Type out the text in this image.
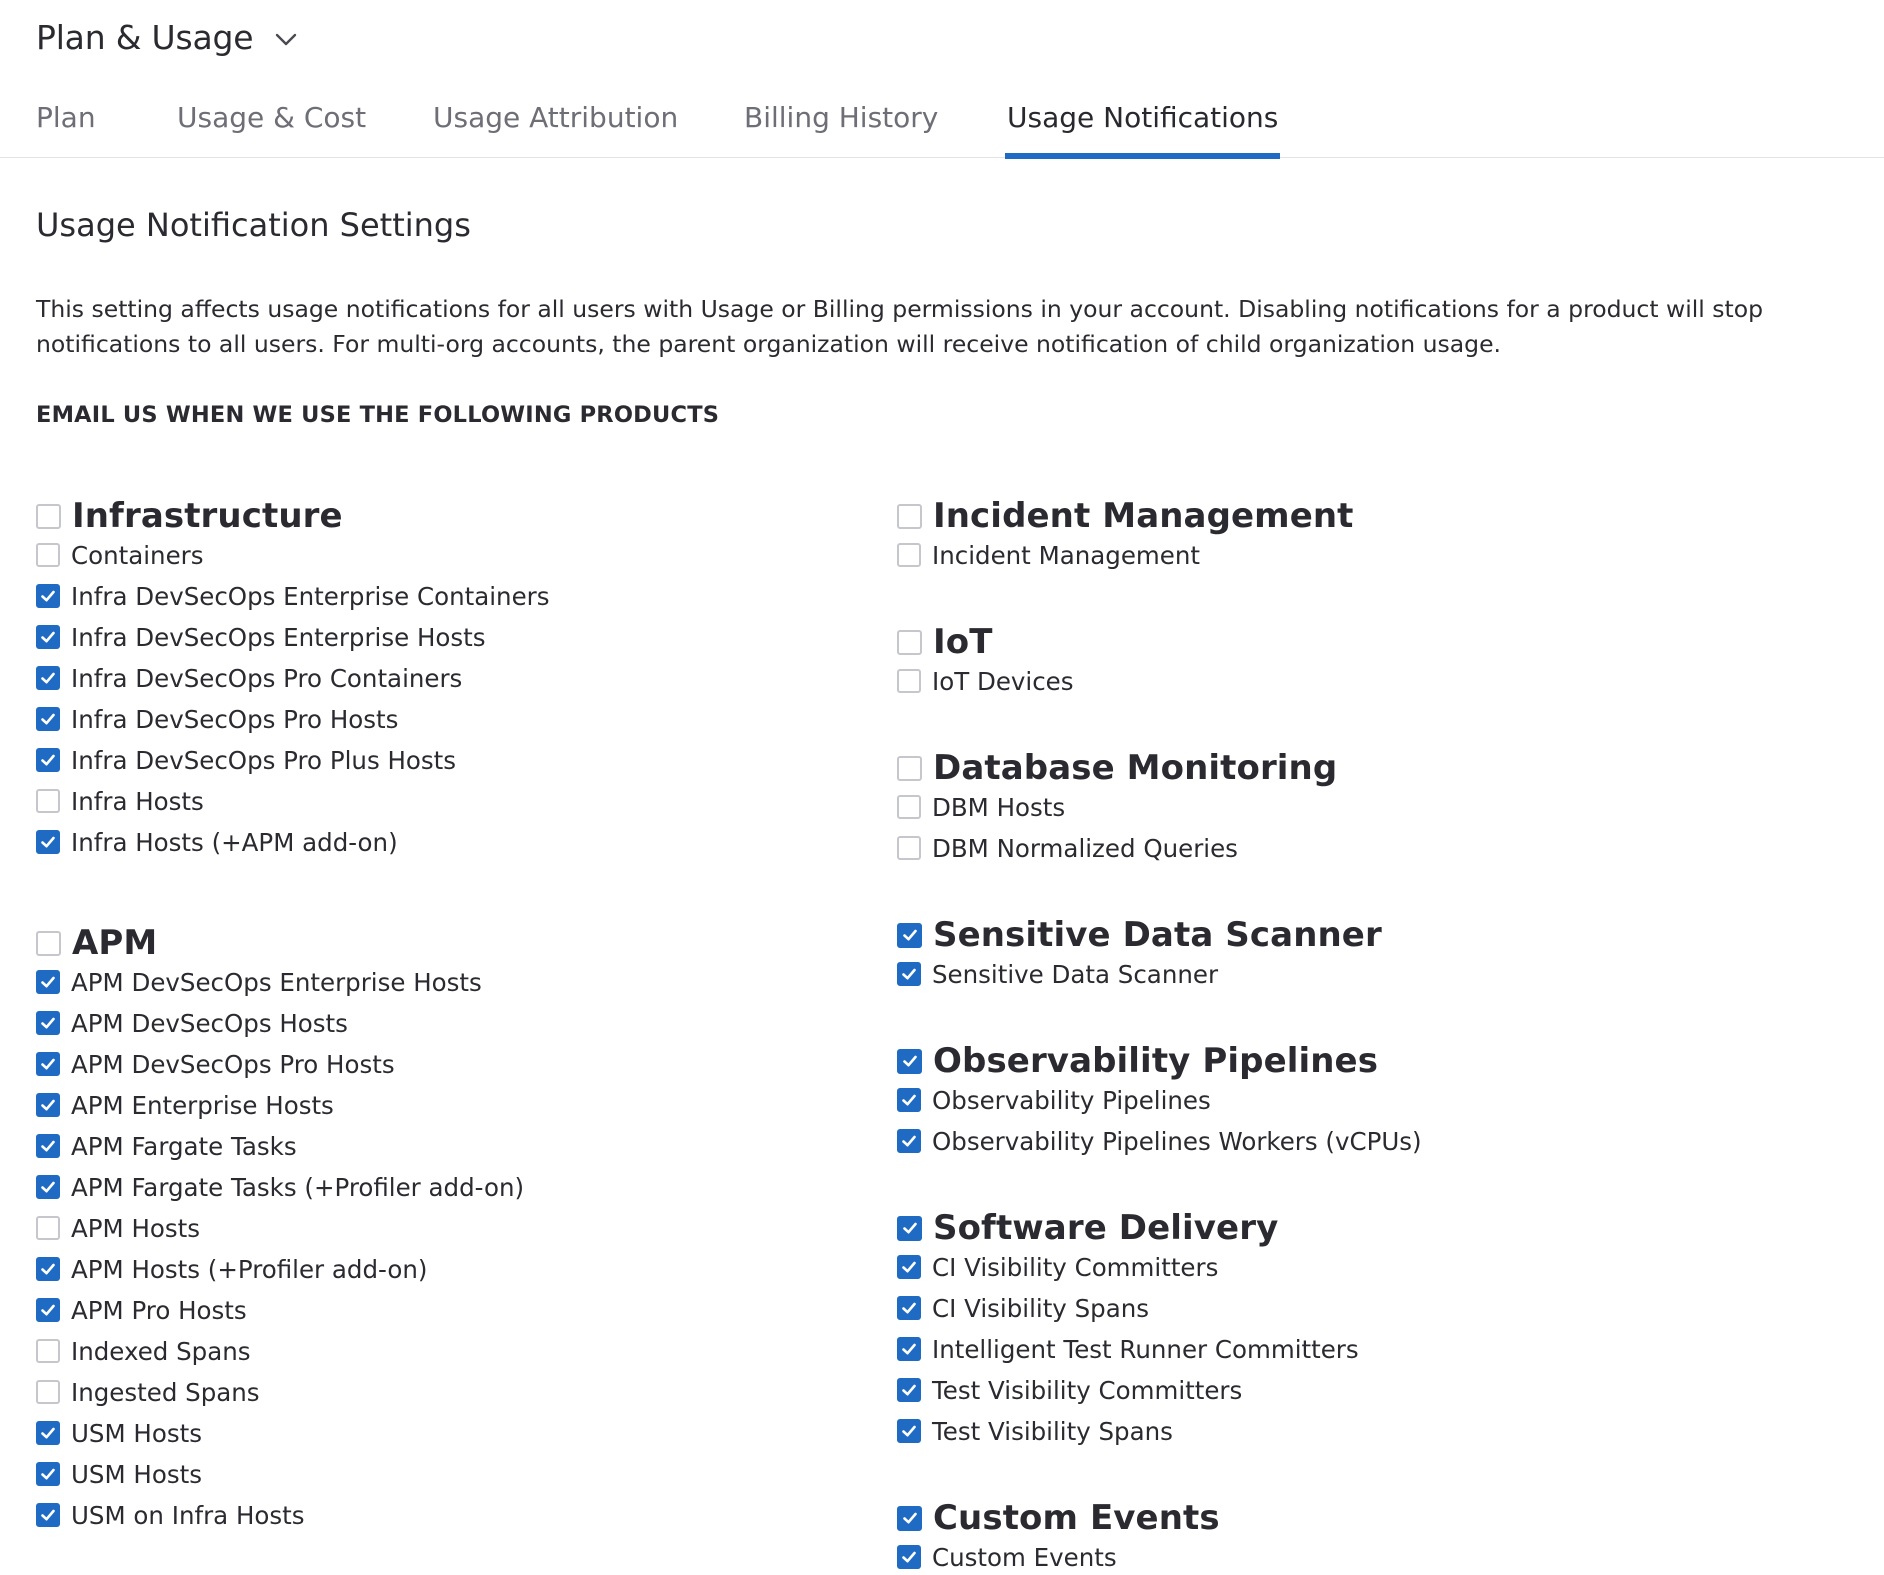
Plan & Usage
Plan	Usage & Cost Usage Attribution Billing History Usage Notifications
Usage Notification Settings
This setting affects usage notifications for all users with Usage or Billing permissions in your account. Disabling notifications for a product will stop notifications to all users. For multi-org accounts, the parent organization will receive notification of child organization usage.
EMAIL US WHEN WE USE THE FOLLOWING PRODUCTS
Infrastructure
Containers
Infra DevSecOps Enterprise Containers
Infra DevSecOps Enterprise Hosts
Infra DevSecOps Pro Containers
Infra DevSecOps Pro Hosts
Infra DevSecOps Pro Plus Hosts
Infra Hosts
Infra Hosts (+APM add-on)
APM
APM DevSecOps Enterprise Hosts
APM DevSecOps Hosts
APM DevSecOps Pro Hosts
APM Enterprise Hosts
APM Fargate Tasks
APM Fargate Tasks (+Profiler add-on)
APM Hosts
APM Hosts (+Profiler add-on)
APM Pro Hosts
Indexed Spans
Ingested Spans
USM Hosts
USM Hosts
USM on Infra Hosts
Incident Management
Incident Management
IoT
IoT Devices
Database Monitoring
DBM Hosts
DBM Normalized Queries
Sensitive Data Scanner
Sensitive Data Scanner
Observability Pipelines
Observability Pipelines
Observability Pipelines Workers (vCPUs)
Software Delivery
CI Visibility Committers
CI Visibility Spans
Intelligent Test Runner Committers
Test Visibility Committers
Test Visibility Spans
Custom Events
Custom Events
